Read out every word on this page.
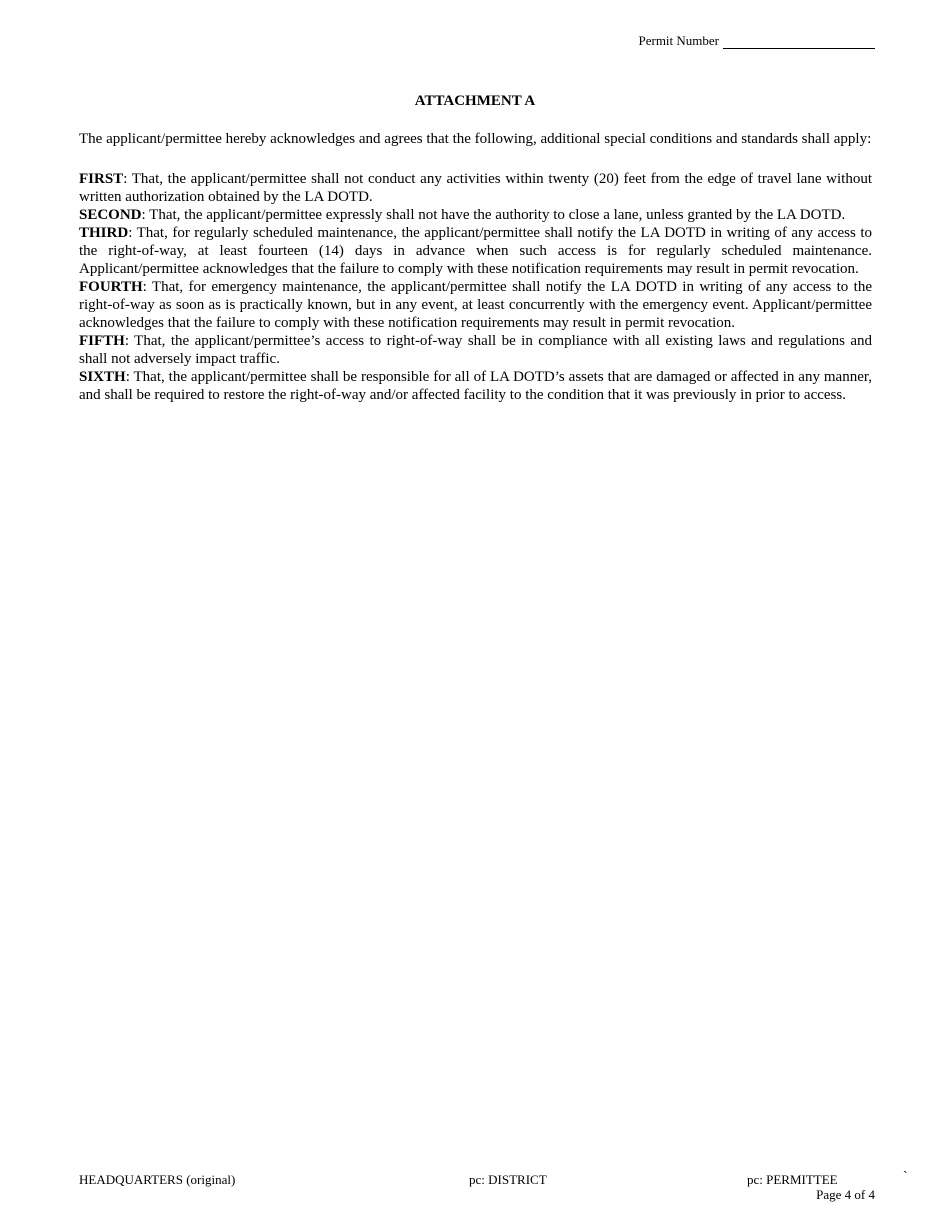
Permit Number
ATTACHMENT A

The applicant/permittee hereby acknowledges and agrees that the following, additional special conditions and standards shall apply:

FIRST: That, the applicant/permittee shall not conduct any activities within twenty (20) feet from the edge of travel lane without written authorization obtained by the LA DOTD.

SECOND: That, the applicant/permittee expressly shall not have the authority to close a lane, unless granted by the LA DOTD.

THIRD: That, for regularly scheduled maintenance, the applicant/permittee shall notify the LA DOTD in writing of any access to the right-of-way, at least fourteen (14) days in advance when such access is for regularly scheduled maintenance. Applicant/permittee acknowledges that the failure to comply with these notification requirements may result in permit revocation.

FOURTH: That, for emergency maintenance, the applicant/permittee shall notify the LA DOTD in writing of any access to the right-of-way as soon as is practically known, but in any event, at least concurrently with the emergency event. Applicant/permittee acknowledges that the failure to comply with these notification requirements may result in permit revocation.

FIFTH: That, the applicant/permittee’s access to right-of-way shall be in compliance with all existing laws and regulations and shall not adversely impact traffic.

SIXTH: That, the applicant/permittee shall be responsible for all of LA DOTD’s assets that are damaged or affected in any manner, and shall be required to restore the right-of-way and/or affected facility to the condition that it was previously in prior to access.

HEADQUARTERS (original)	pc: DISTRICT	pc: PERMITTEE	`
Page 4 of 4
